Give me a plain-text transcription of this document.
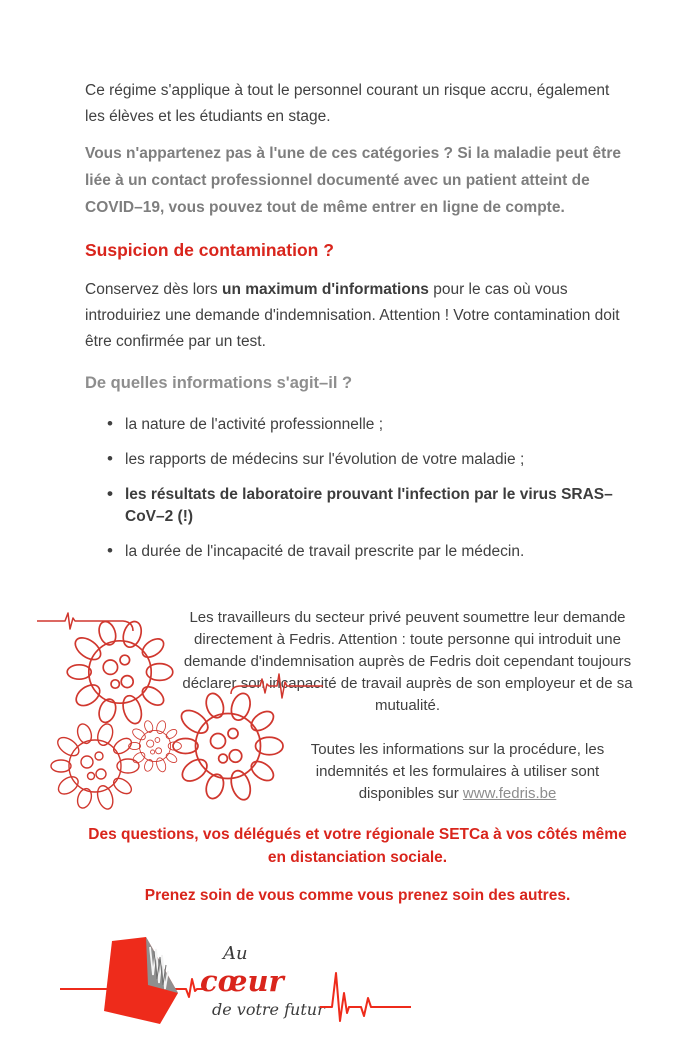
Ce régime s'applique à tout le personnel courant un risque accru, également les élèves et les étudiants en stage.

Vous n'appartenez pas à l'une de ces catégories ? Si la maladie peut être liée à un contact professionnel documenté avec un patient atteint de COVID–19, vous pouvez tout de même entrer en ligne de compte.

Suspicion de contamination ?

Conservez dès lors un maximum d'informations pour le cas où vous introduiriez une demande d'indemnisation. Attention ! Votre contamination doit être confirmée par un test.

De quelles informations s'agit–il ?
• la nature de l'activité professionnelle ;
• les rapports de médecins sur l'évolution de votre maladie ;
• les résultats de laboratoire prouvant l'infection par le virus SRAS–CoV–2 (!)
• la durée de l'incapacité de travail prescrite par le médecin.

Les travailleurs du secteur privé peuvent soumettre leur demande directement à Fedris. Attention : toute personne qui introduit une demande d'indemnisation auprès de Fedris doit cependant toujours déclarer son incapacité de travail auprès de son employeur et de sa mutualité.

Toutes les informations sur la procédure, les indemnités et les formulaires à utiliser sont disponibles sur www.fedris.be

Des questions, vos délégués et votre régionale SETCa à vos côtés même en distanciation sociale.

Prenez soin de vous comme vous prenez soin des autres.

Au
cœur
de votre futur
